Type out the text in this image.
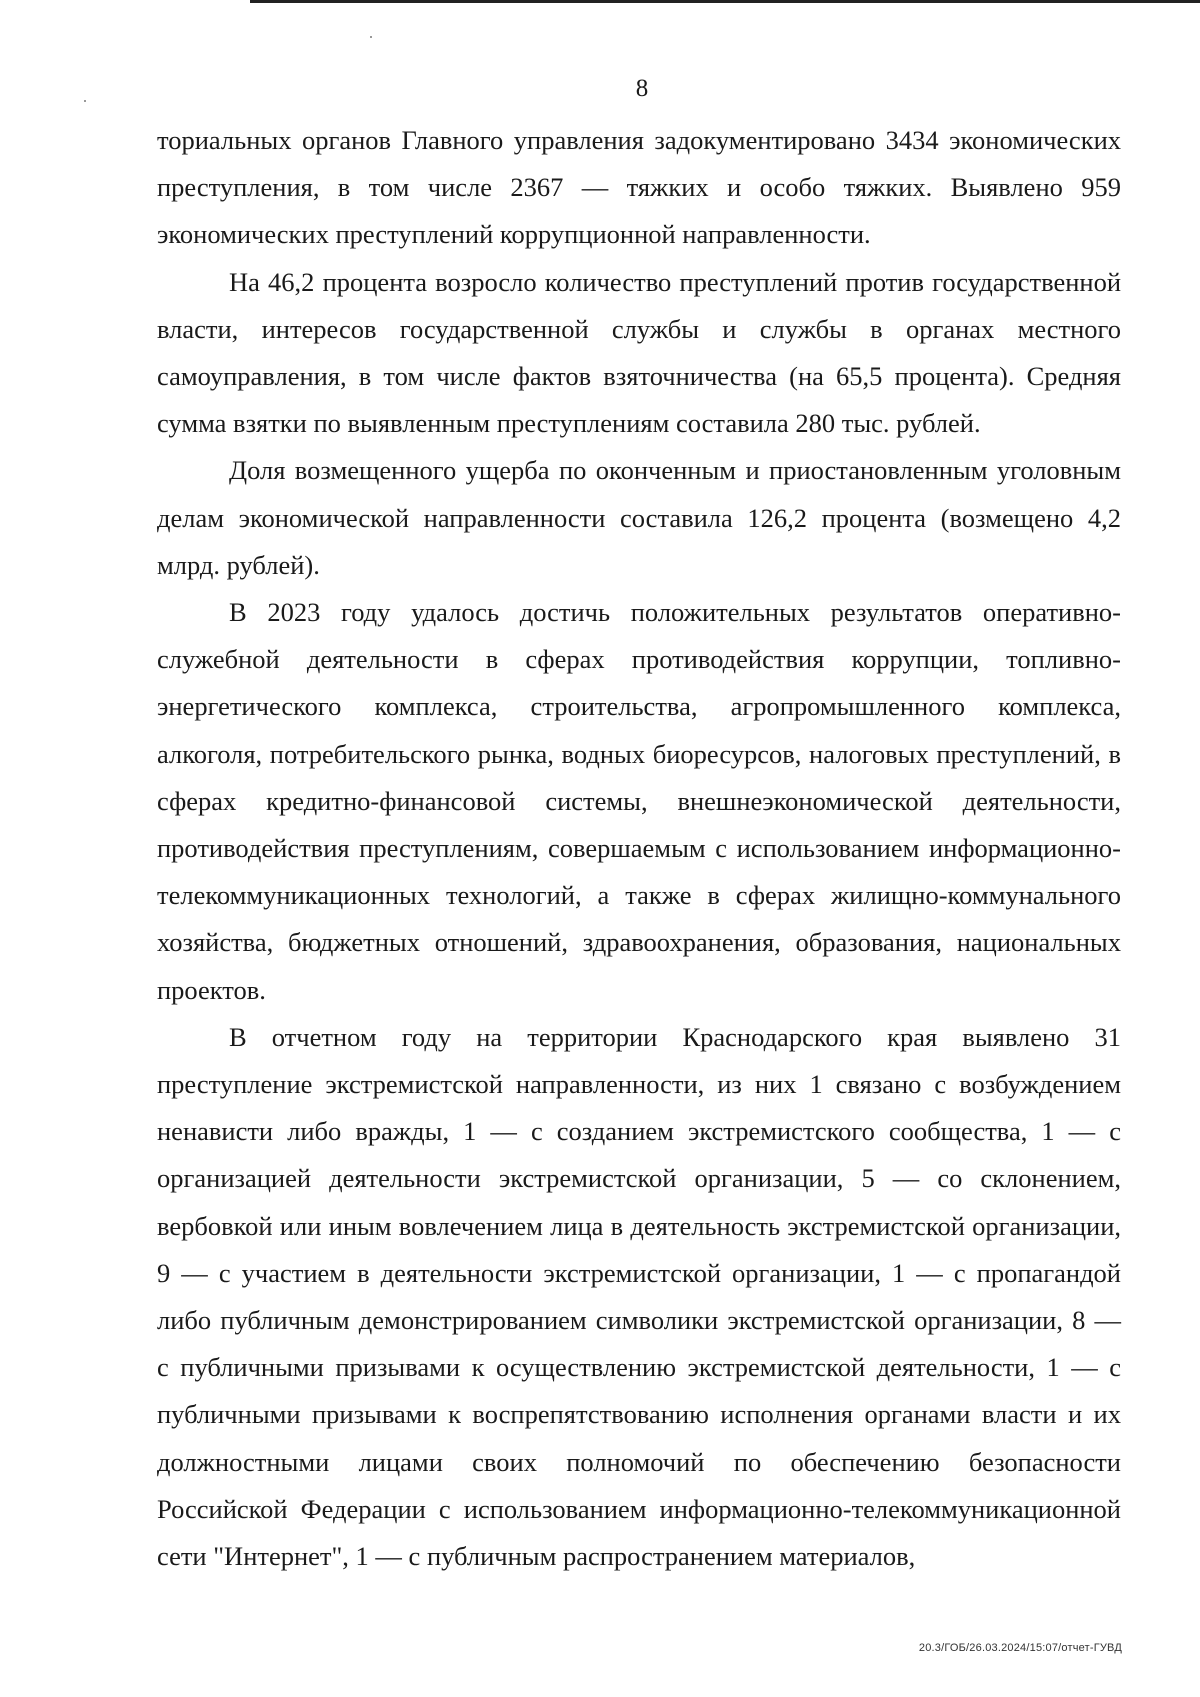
8

ториальных органов Главного управления задокументировано 3434 экономических преступления, в том числе 2367 — тяжких и особо тяжких. Выявлено 959 экономических преступлений коррупционной направленности.

На 46,2 процента возросло количество преступлений против государственной власти, интересов государственной службы и службы в органах местного самоуправления, в том числе фактов взяточничества (на 65,5 процента). Средняя сумма взятки по выявленным преступлениям составила 280 тыс. рублей.

Доля возмещенного ущерба по оконченным и приостановленным уголовным делам экономической направленности составила 126,2 процента (возмещено 4,2 млрд. рублей).

В 2023 году удалось достичь положительных результатов оперативно-служебной деятельности в сферах противодействия коррупции, топливно-энергетического комплекса, строительства, агропромышленного комплекса, алкоголя, потребительского рынка, водных биоресурсов, налоговых преступлений, в сферах кредитно-финансовой системы, внешнеэкономической деятельности, противодействия преступлениям, совершаемым с использованием информационно-телекоммуникационных технологий, а также в сферах жилищно-коммунального хозяйства, бюджетных отношений, здравоохранения, образования, национальных проектов.

В отчетном году на территории Краснодарского края выявлено 31 преступление экстремистской направленности, из них 1 связано с возбуждением ненависти либо вражды, 1 — с созданием экстремистского сообщества, 1 — с организацией деятельности экстремистской организации, 5 — со склонением, вербовкой или иным вовлечением лица в деятельность экстремистской организации, 9 — с участием в деятельности экстремистской организации, 1 — с пропагандой либо публичным демонстрированием символики экстремистской организации, 8 — с публичными призывами к осуществлению экстремистской деятельности, 1 — с публичными призывами к воспрепятствованию исполнения органами власти и их должностными лицами своих полномочий по обеспечению безопасности Российской Федерации с использованием информационно-телекоммуникационной сети "Интернет", 1 — с публичным распространением материалов,

20.3/ГОБ/26.03.2024/15:07/отчет-ГУВД
